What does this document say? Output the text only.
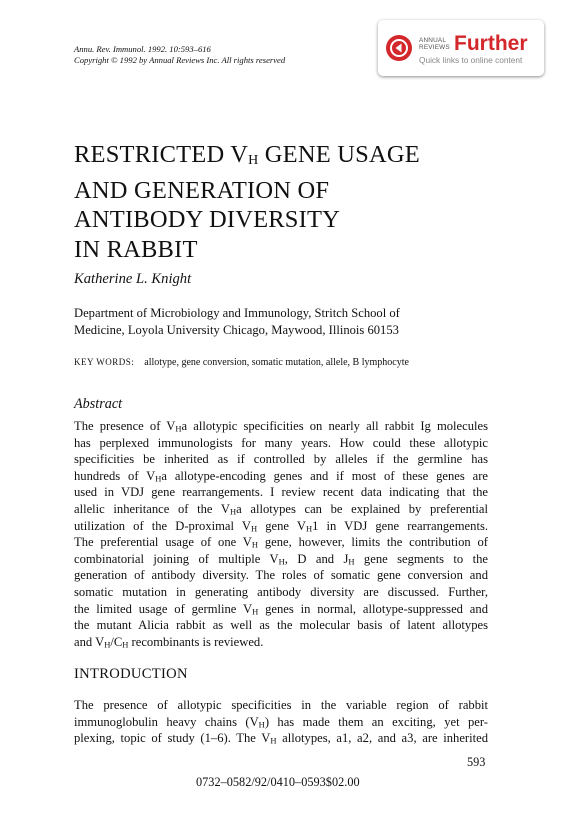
Annu. Rev. Immunol. 1992. 10:593–616
Copyright © 1992 by Annual Reviews Inc. All rights reserved
ANNUAL
REVIEWS Further
Quick links to online content
RESTRICTED $V_H$ GENE USAGE
AND GENERATION OF
ANTIBODY DIVERSITY
IN RABBIT
Katherine L. Knight
Department of Microbiology and Immunology, Stritch School of
Medicine, Loyola University Chicago, Maywood, Illinois 60153
KEY WORDS: allotype, gene conversion, somatic mutation, allele, B lymphocyte
Abstract
The presence of $V_Ha$ allotypic specificities on nearly all rabbit Ig molecules
has perplexed immunologists for many years. How could these allotypic
specificities be inherited as if controlled by alleles if the germline has
hundreds of $V_Ha$ allotype-encoding genes and if most of these genes are
used in VDJ gene rearrangements. I review recent data indicating that the
allelic inheritance of the $V_Ha$ allotypes can be explained by preferential
utilization of the D-proximal $V_H$ gene $V_H1$ in VDJ gene rearrangements.
The preferential usage of one $V_H$ gene, however, limits the contribution of
combinatorial joining of multiple $V_H$, D and $J_H$ gene segments to the
generation of antibody diversity. The roles of somatic gene conversion and
somatic mutation in generating antibody diversity are discussed. Further,
the limited usage of germline $V_H$ genes in normal, allotype-suppressed and
the mutant Alicia rabbit as well as the molecular basis of latent allotypes
and $V_H/C_H$ recombinants is reviewed.
INTRODUCTION
The presence of allotypic specificities in the variable region of rabbit
immunoglobulin heavy chains $(V_H)$ has made them an exciting, yet per-
plexing, topic of study (1–6). The $V_H$ allotypes, a1, a2, and a3, are inherited
593
0732–0582/92/0410–0593$02.00
